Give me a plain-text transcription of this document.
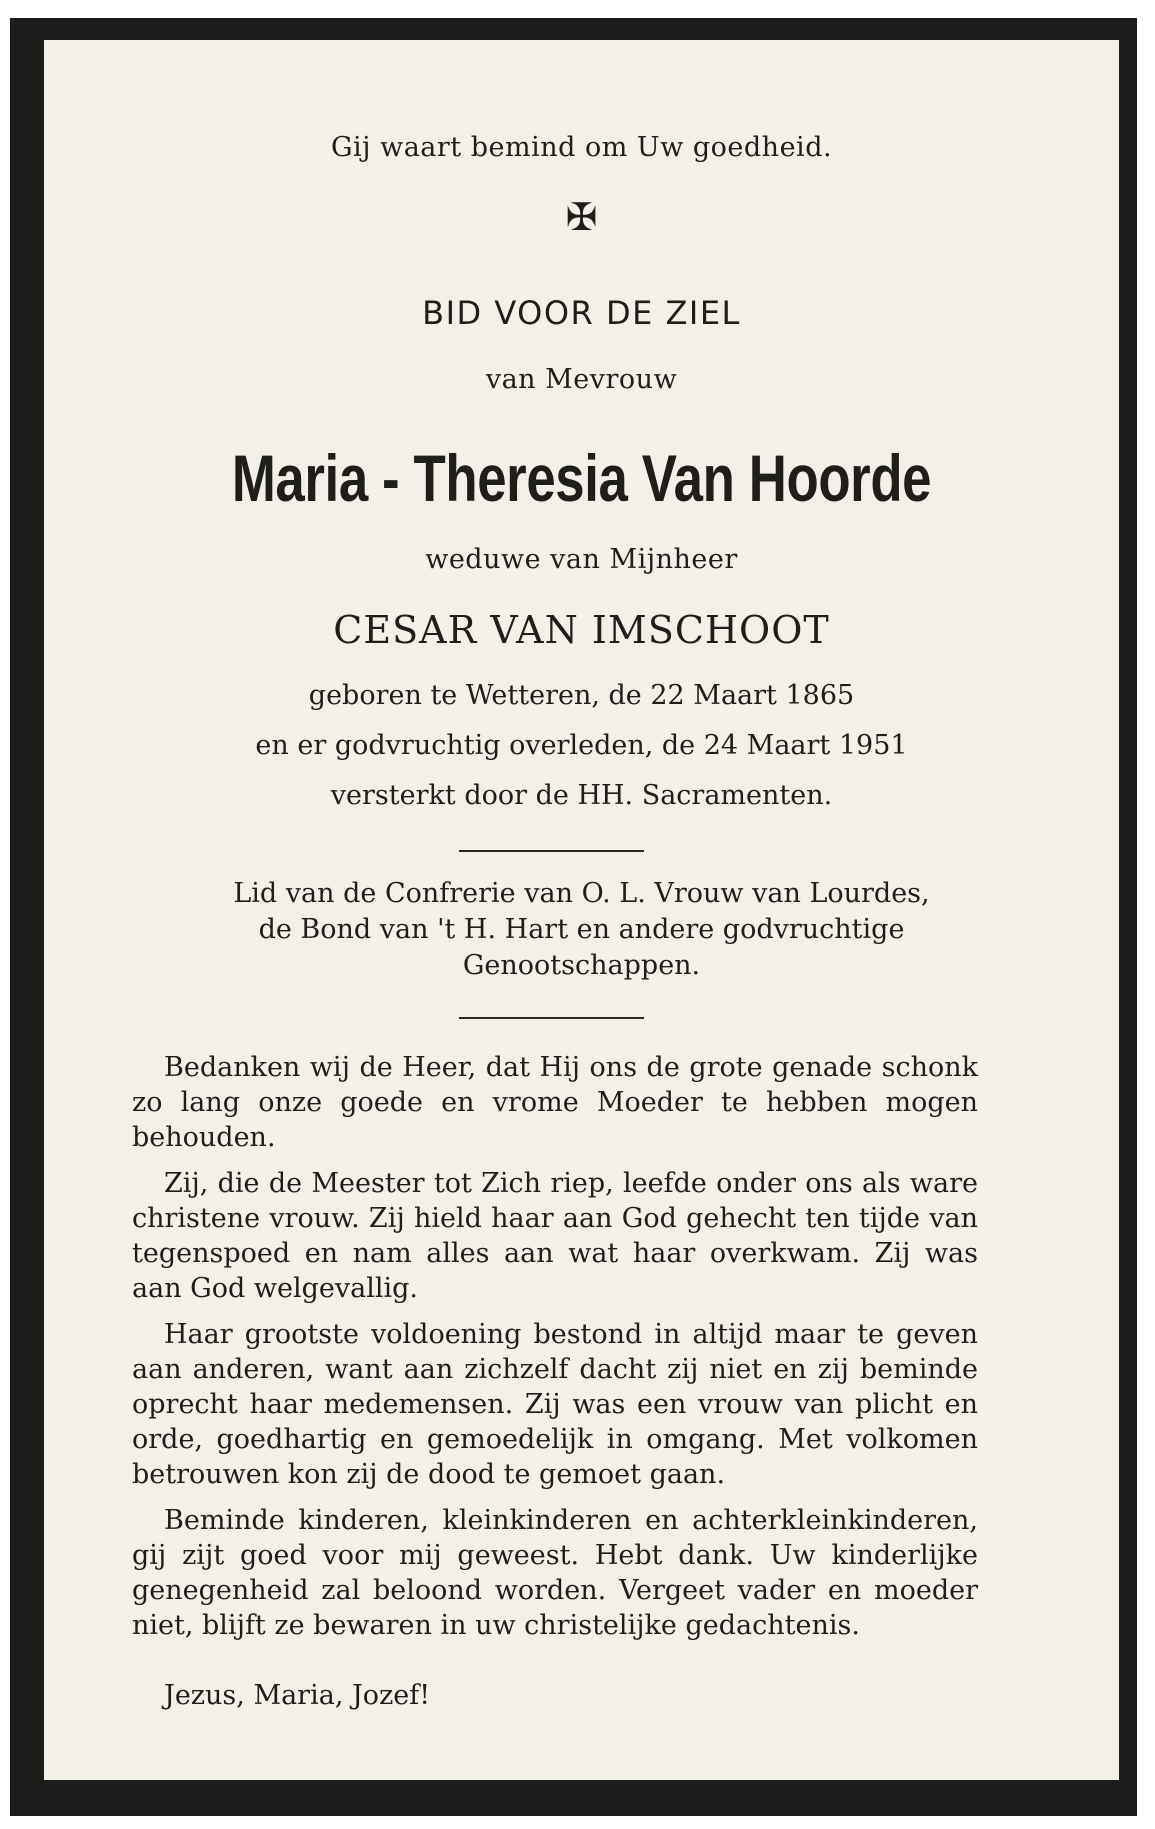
Gij waart bemind om Uw goedheid.
✠
BID VOOR DE ZIEL
van Mevrouw
Maria - Theresia Van Hoorde
weduwe van Mijnheer
CESAR VAN IMSCHOOT
geboren te Wetteren, de 22 Maart 1865
en er godvruchtig overleden, de 24 Maart 1951
versterkt door de HH. Sacramenten.
Lid van de Confrerie van O. L. Vrouw van Lourdes,
de Bond van 't H. Hart en andere godvruchtige
Genootschappen.

Bedanken wij de Heer, dat Hij ons de grote genade schonk zo lang onze goede en vrome Moeder te hebben mogen behouden.

Zij, die de Meester tot Zich riep, leefde onder ons als ware christene vrouw. Zij hield haar aan God gehecht ten tijde van tegenspoed en nam alles aan wat haar overkwam. Zij was aan God welgevallig.

Haar grootste voldoening bestond in altijd maar te geven aan anderen, want aan zichzelf dacht zij niet en zij beminde oprecht haar medemensen. Zij was een vrouw van plicht en orde, goedhartig en gemoedelijk in omgang. Met volkomen betrouwen kon zij de dood te gemoet gaan.

Beminde kinderen, kleinkinderen en achterkleinkinderen, gij zijt goed voor mij geweest. Hebt dank. Uw kinderlijke genegenheid zal beloond worden. Vergeet vader en moeder niet, blijft ze bewaren in uw christelijke gedachtenis.

Jezus, Maria, Jozef!
